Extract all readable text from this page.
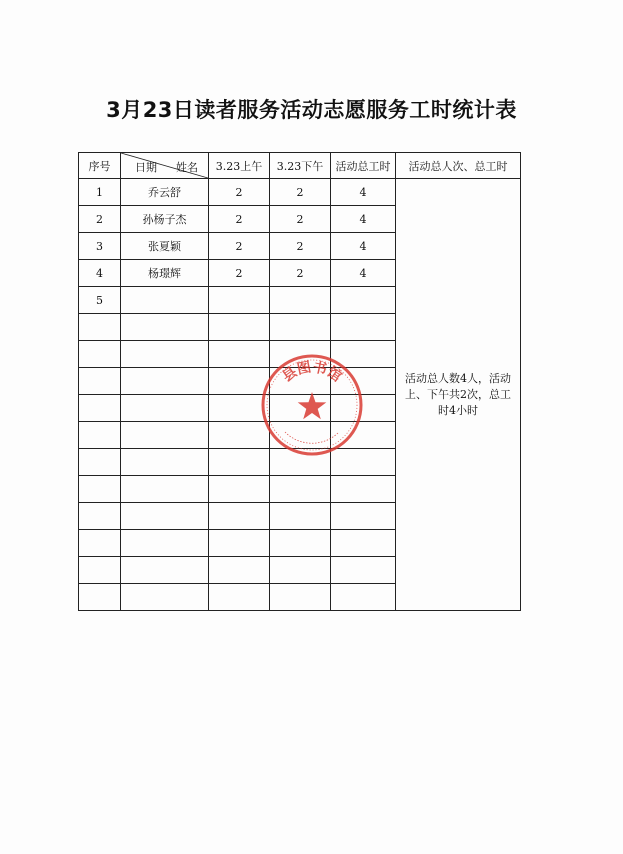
3月23日读者服务活动志愿服务工时统计表
序号	日期 姓名	3.23上午	3.23下午	活动总工时	活动总人次、总工时
1	乔云舒	2	2	4	活动总人数4人，活动上、下午共2次，总工时4小时
2	孙杨子杰	2	2	4	
3	张夏颖	2	2	4	
4	杨璟辉	2	2	4	
5					

县图书馆
